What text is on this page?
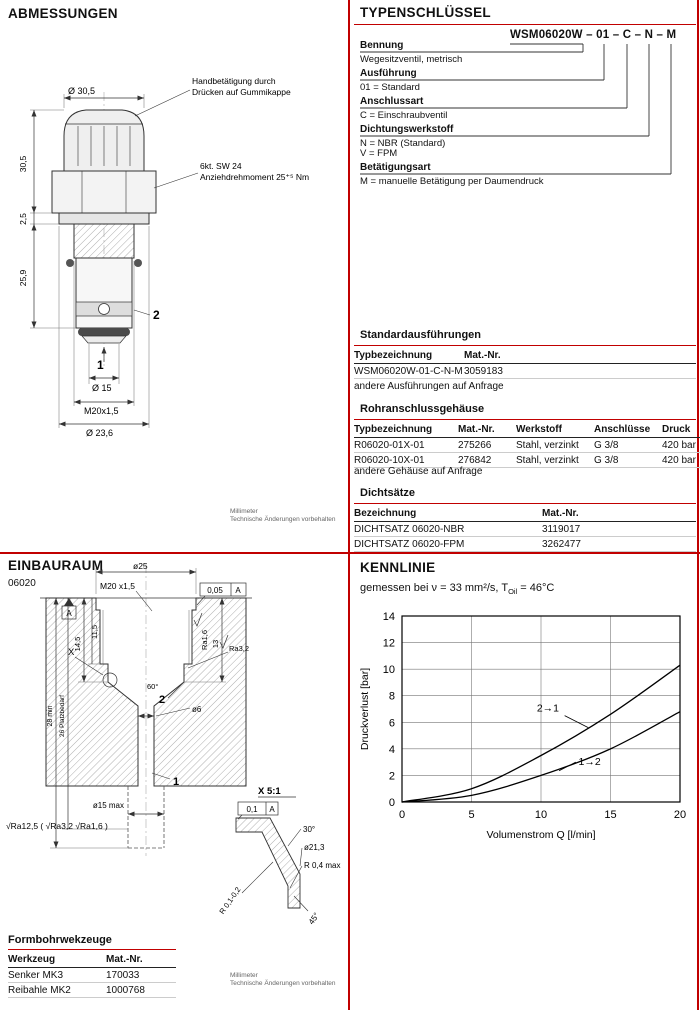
ABMESSUNGEN
Ø 30,5
Handbetätigung durch
Drücken auf Gummikappe
6kt. SW 24
Anziehdrehmoment 25⁺⁵ Nm
30,5
2,5
25,9
2
1
Ø 15
M20x1,5
Ø 23,6
Millimeter
Technische Änderungen vorbehalten
ø25
M20 x1,5	0,05 A
A
Ra1,6	Ra3,2
X
14,5
11,5
28 min 26 Platzbedarf
60°
2
ø6
13
1
ø15 max
√Ra12,5 ( √Ra3,2 √Ra1,6 )
X 5:1
0,1 A
30°
ø21,3
R 0,4 max
R 0,1-0,2
45°
EINBAURAUM
06020
Formbohrwekzeuge
Werkzeug	Mat.-Nr.
Senker MK3	170033
Reibahle MK2	1000768
Millimeter
Technische Änderungen vorbehalten
TYPENSCHLÜSSEL
WSM06020W – 01 – C – N – M
Bennung
Wegesitzventil, metrisch
Ausführung
01 = Standard
Anschlussart
C = Einschraubventil
Dichtungswerkstoff
N = NBR (Standard)
V = FPM
Betätigungsart
M = manuelle Betätigung per Daumendruck
Standardausführungen
Typbezeichnung	Mat.-Nr.
WSM06020W-01-C-N-M	3059183
andere Ausführungen auf Anfrage
Rohranschlussgehäuse
Typbezeichnung	Mat.-Nr.	Werkstoff	Anschlüsse	Druck
R06020-01X-01	275266	Stahl, verzinkt	G 3/8	420 bar
R06020-10X-01	276842	Stahl, verzinkt	G 3/8	420 bar
andere Gehäuse auf Anfrage
Dichtsätze
Bezeichnung	Mat.-Nr.
DICHTSATZ 06020-NBR	3119017
DICHTSATZ 06020-FPM	3262477
KENNLINIE
gemessen bei ν = 33 mm²/s, $T_{Oil} = 46^\circ C$
0	5	10	15	20
0
2
4
6
8
10
12
14
Volumenstrom Q [l/min]
Druckverlust [bar]	2→1
1→2
